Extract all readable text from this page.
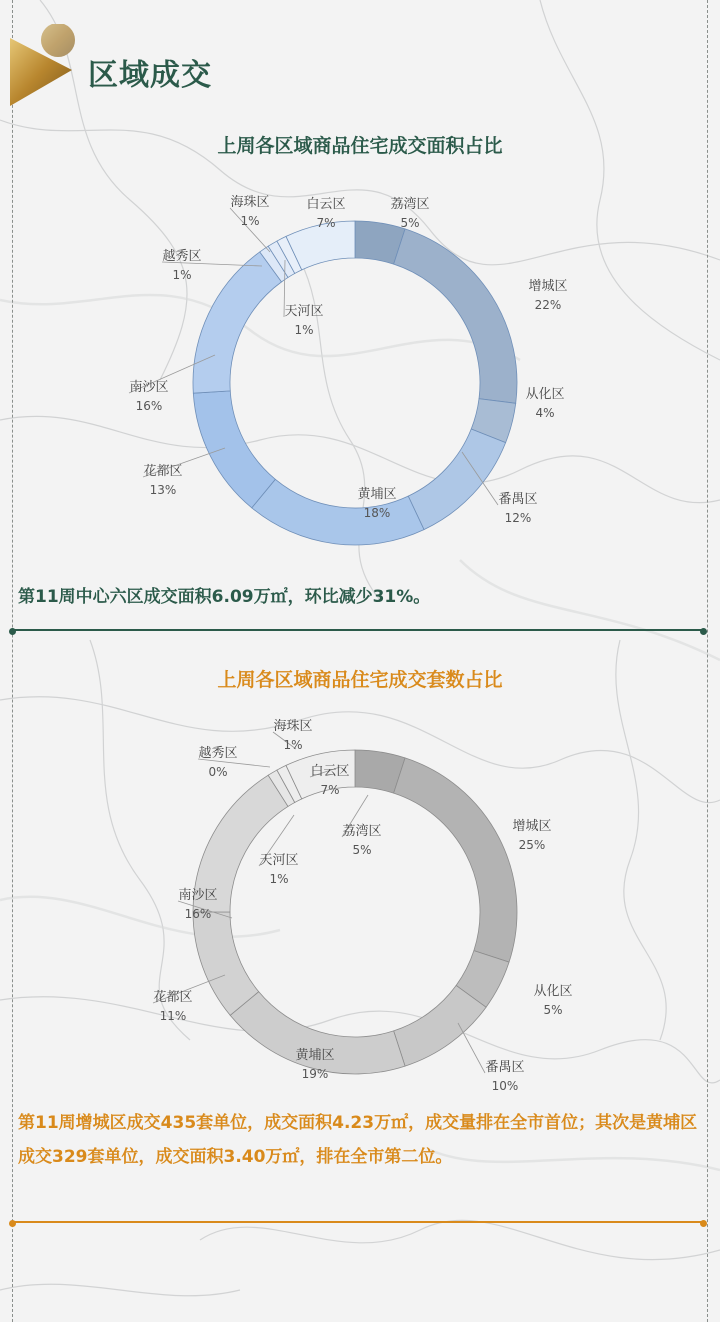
区域成交
上周各区域商品住宅成交面积占比
荔湾区
5%
增城区
22%
从化区
4%
番禺区
12%
黄埔区
18%
花都区
13%
南沙区
16%
天河区
1%
越秀区
1%
海珠区
1%
白云区
7%
第11周中心六区成交面积6.09万㎡，环比减少31%。
上周各区域商品住宅成交套数占比
荔湾区
5%
增城区
25%
从化区
5%
番禺区
10%
黄埔区
19%
花都区
11%
南沙区
16%
天河区
1%
越秀区
0%
海珠区
1%
白云区
7%
第11周增城区成交435套单位，成交面积4.23万㎡，成交量排在全市首位；其次是黄埔区成交329套单位，成交面积3.40万㎡，排在全市第二位。
